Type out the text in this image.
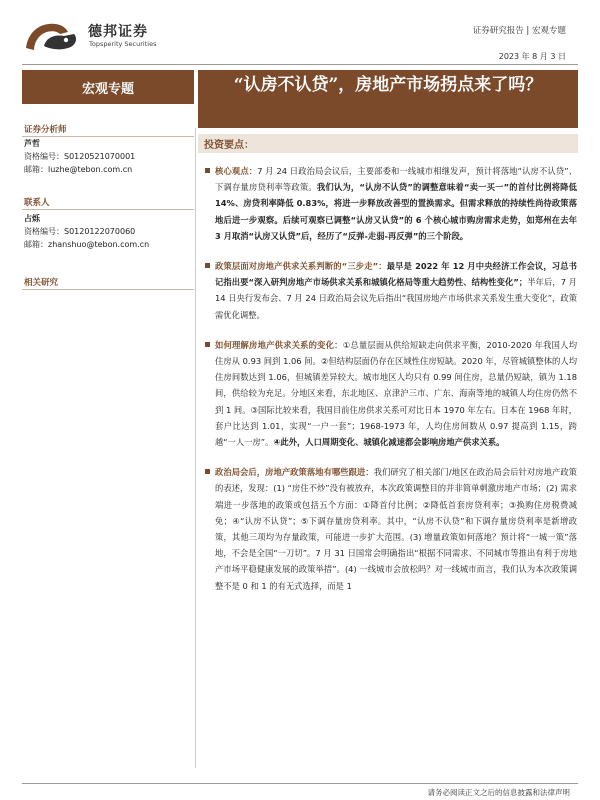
德邦证券
Topsperity Securities
证券研究报告 | 宏观专题
2023 年 8 月 3 日
宏观专题	“认房不认贷”，房地产市场拐点来了吗？
证券分析师
芦哲
资格编号：S0120521070001
邮箱：luzhe@tebon.com.cn
联系人
占烁
资格编号：S0120122070060
邮箱：zhanshuo@tebon.com.cn
相关研究
投资要点：
核心观点：7 月 24 日政治局会议后，主要部委和一线城市相继发声，预计将落地“认房不认贷”、下调存量房贷利率等政策。我们认为，“认房不认贷”的调整意味着“卖一买一”的首付比例将降低 14%、房贷利率降低 0.83%，将进一步释放改善型的置换需求。但需求释放的持续性尚待政策落地后进一步观察。后续可观察已调整“认房又认贷”的 6 个核心城市购房需求走势，如郑州在去年 3 月取消“认房又认贷”后，经历了“反弹-走弱-再反弹”的三个阶段。
政策层面对房地产供求关系判断的“三步走”：最早是 2022 年 12 月中央经济工作会议，习总书记指出要“深入研判房地产市场供求关系和城镇化格局等重大趋势性、结构性变化”；半年后，7 月 14 日央行发布会、7 月 24 日政治局会议先后指出“我国房地产市场供求关系发生重大变化”，政策需优化调整。
如何理解房地产供求关系的变化：①总量层面从供给短缺走向供求平衡，2010-2020 年我国人均住房从 0.93 间到 1.06 间。②但结构层面仍存在区域性住房短缺。2020 年，尽管城镇整体的人均住房间数达到 1.06，但城镇差异较大。城市地区人均只有 0.99 间住房，总量仍短缺，镇为 1.18 间，供给较为充足。分地区来看，东北地区、京津沪三市、广东、海南等地的城镇人均住房仍然不到 1 间。③国际比较来看，我国目前住房供求关系可对比日本 1970 年左右。日本在 1968 年时，套户比达到 1.01，实现“一户一套”；1968-1973 年，人均住房间数从 0.97 提高到 1.15，跨越“一人一房”。④此外，人口周期变化、城镇化减速都会影响房地产供求关系。
政治局会后，房地产政策落地有哪些跟进：我们研究了相关部门/地区在政治局会后针对房地产政策的表述，发现：(1) “房住不炒”没有被放弃，本次政策调整目的并非简单刺激房地产市场；(2) 需求端进一步落地的政策或包括五个方面：①降首付比例；②降低首套房贷利率；③换购住房税费减免；④“认房不认贷”；⑤下调存量房贷利率。其中，“认房不认贷”和下调存量房贷利率是新增政策，其他三项均为存量政策，可能进一步扩大范围。(3) 增量政策如何落地？预计将“一城一策”落地，不会是全国“一刀切”。7 月 31 日国常会明确指出“根据不同需求、不同城市等推出有利于房地产市场平稳健康发展的政策举措”。(4) 一线城市会放松吗？对一线城市而言，我们认为本次政策调整不是 0 和 1 的有无式选择，而是 1
请务必阅读正文之后的信息披露和法律声明
